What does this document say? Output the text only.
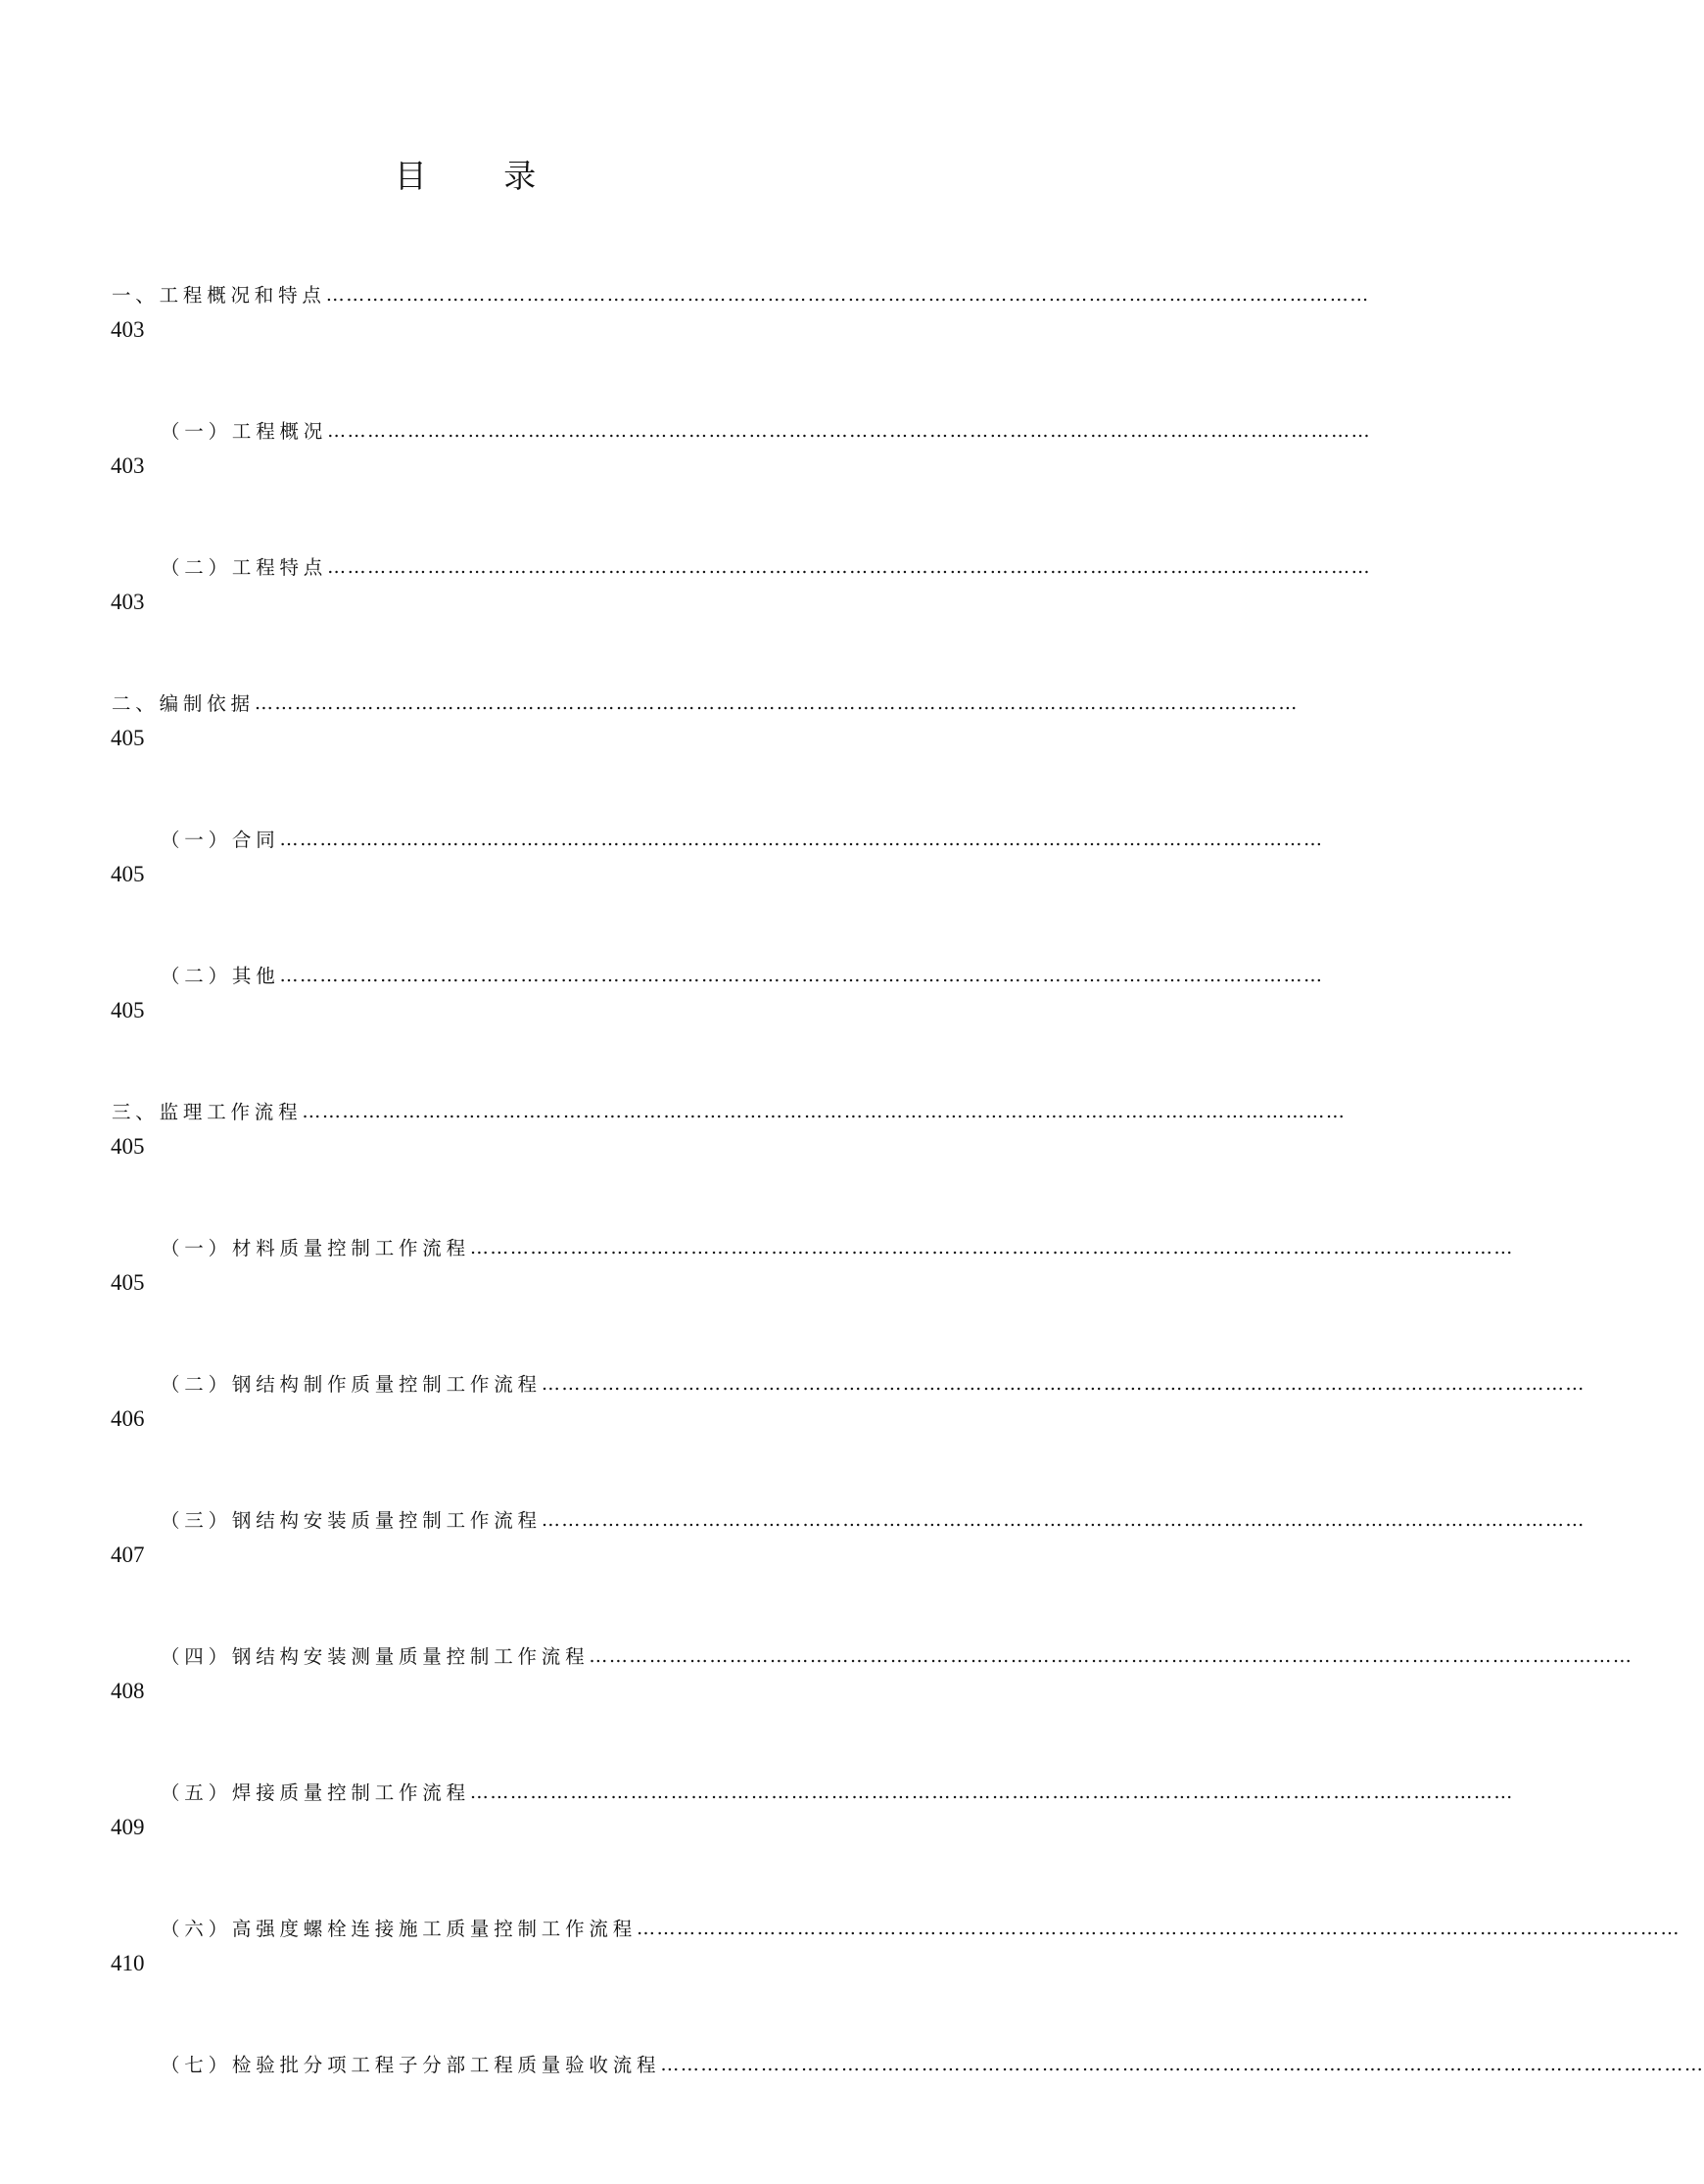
目 录
一、工程概况和特点 …………………………………………………………………………………………………………………………………………
403
（一）工程概况 …………………………………………………………………………………………………………………………………………
403
（二）工程特点 …………………………………………………………………………………………………………………………………………
403
二、编制依据 …………………………………………………………………………………………………………………………………………
405
（一）合同 …………………………………………………………………………………………………………………………………………
405
（二）其他 …………………………………………………………………………………………………………………………………………
405
三、监理工作流程 …………………………………………………………………………………………………………………………………………
405
（一）材料质量控制工作流程 …………………………………………………………………………………………………………………………………………
405
（二）钢结构制作质量控制工作流程 …………………………………………………………………………………………………………………………………………
406
（三）钢结构安装质量控制工作流程 …………………………………………………………………………………………………………………………………………
407
（四）钢结构安装测量质量控制工作流程 …………………………………………………………………………………………………………………………………………
408
（五）焊接质量控制工作流程 …………………………………………………………………………………………………………………………………………
409
（六）高强度螺栓连接施工质量控制工作流程 …………………………………………………………………………………………………………………………………………
410
（七）检验批分项工程子分部工程质量验收流程 …………………………………………………………………………………………………………………………………………
